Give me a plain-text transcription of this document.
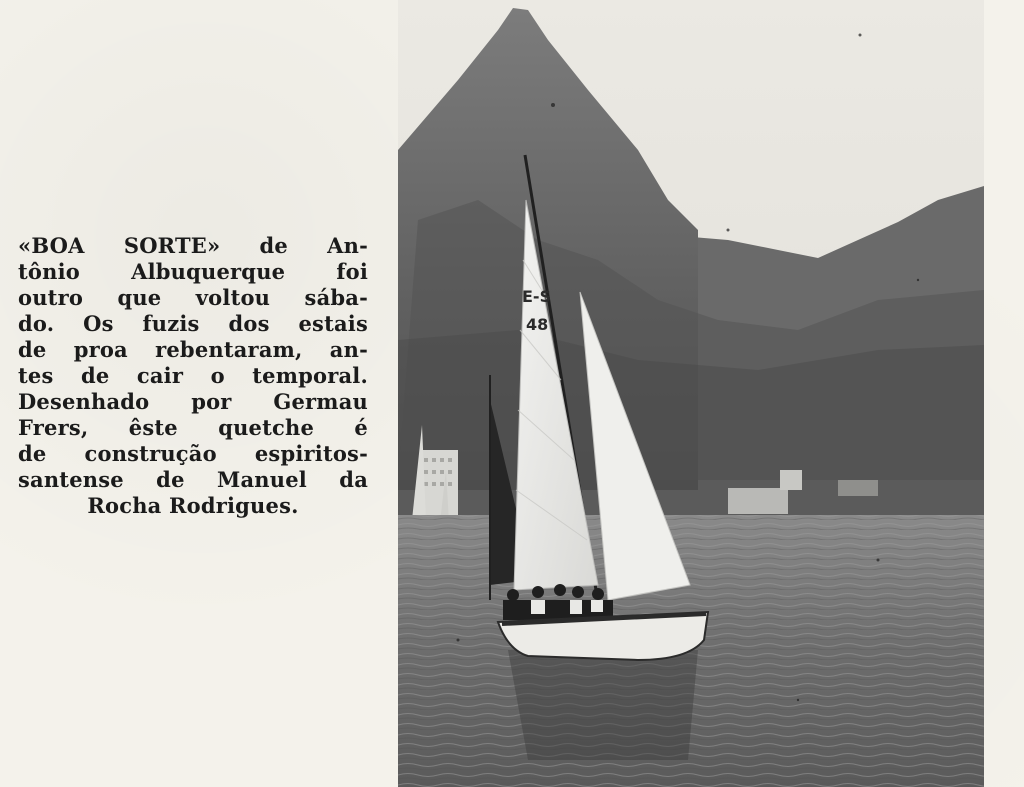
«BOA SORTE» de An-
tônio Albuquerque foi
outro que voltou sába-
do. Os fuzis dos estais
de proa rebentaram, an-
tes de cair o temporal.
Desenhado por Germau
Frers, êste quetche é
de construção espiritos-
santense de Manuel da
Rocha Rodrigues.
E-S
48
